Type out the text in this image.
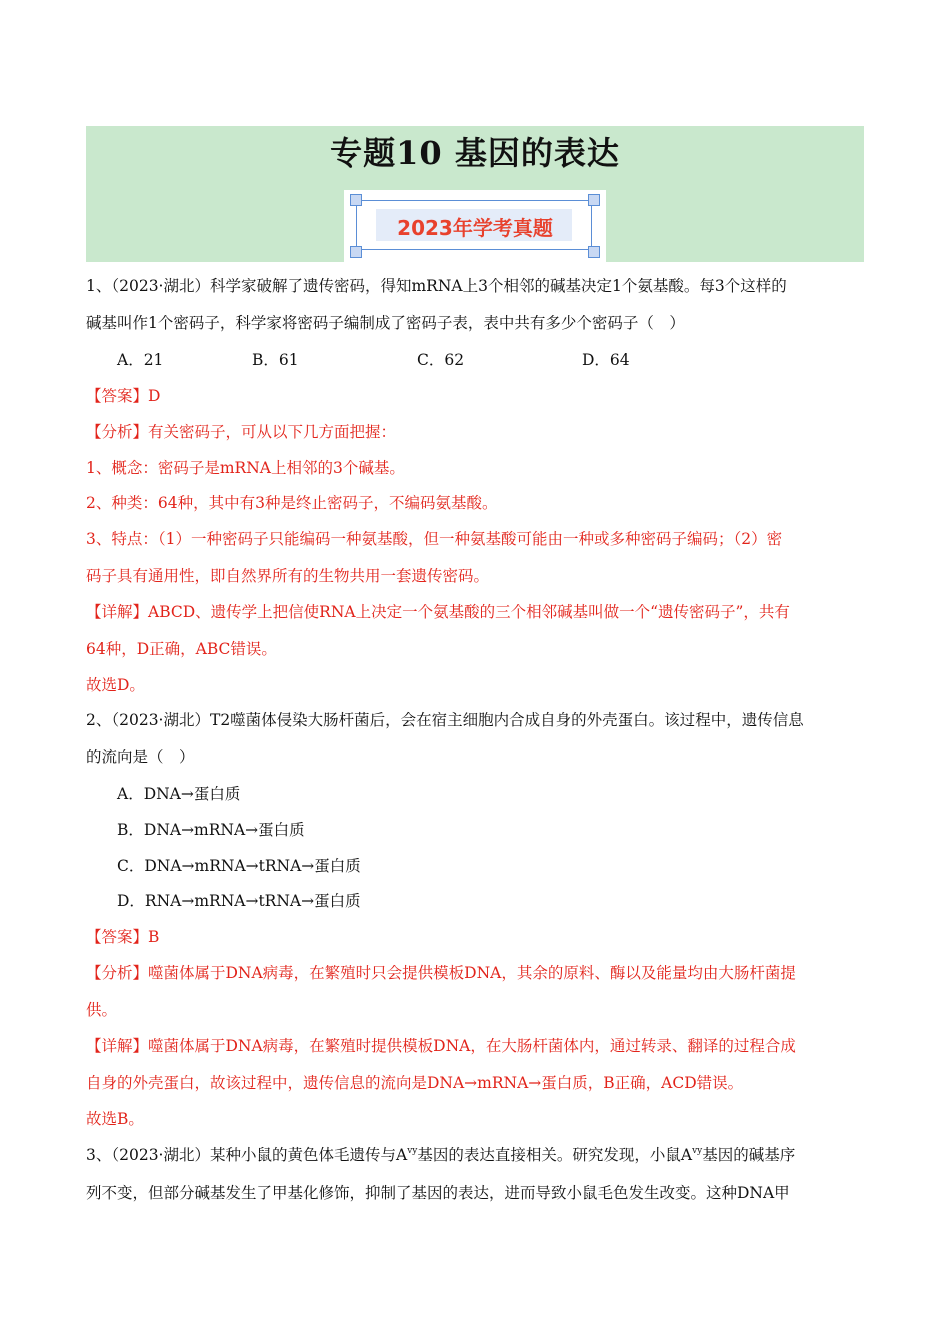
专题10 基因的表达
2023年学考真题
1、（2023·湖北）科学家破解了遗传密码，得知mRNA上3个相邻的碱基决定1个氨基酸。每3个这样的
碱基叫作1个密码子，科学家将密码子编制成了密码子表，表中共有多少个密码子（　）
A．21	B．61	C．62	D．64
【答案】D
【分析】有关密码子，可从以下几方面把握：
1、概念：密码子是mRNA上相邻的3个碱基。
2、种类：64种，其中有3种是终止密码子，不编码氨基酸。
3、特点：（1）一种密码子只能编码一种氨基酸，但一种氨基酸可能由一种或多种密码子编码；（2）密
码子具有通用性，即自然界所有的生物共用一套遗传密码。
【详解】ABCD、遗传学上把信使RNA上决定一个氨基酸的三个相邻碱基叫做一个“遗传密码子”，共有
64种，D正确，ABC错误。
故选D。
2、（2023·湖北）T2噬菌体侵染大肠杆菌后，会在宿主细胞内合成自身的外壳蛋白。该过程中，遗传信息
的流向是（　）
A．DNA→蛋白质
B．DNA→mRNA→蛋白质
C．DNA→mRNA→tRNA→蛋白质
D．RNA→mRNA→tRNA→蛋白质
【答案】B
【分析】噬菌体属于DNA病毒，在繁殖时只会提供模板DNA，其余的原料、酶以及能量均由大肠杆菌提
供。
【详解】噬菌体属于DNA病毒，在繁殖时提供模板DNA，在大肠杆菌体内，通过转录、翻译的过程合成
自身的外壳蛋白，故该过程中，遗传信息的流向是DNA→mRNA→蛋白质，B正确，ACD错误。
故选B。
3、（2023·湖北）某种小鼠的黄色体毛遗传与$A^{vy}$基因的表达直接相关。研究发现，小鼠$A^{vy}$基因的碱基序
列不变，但部分碱基发生了甲基化修饰，抑制了基因的表达，进而导致小鼠毛色发生改变。这种DNA甲
